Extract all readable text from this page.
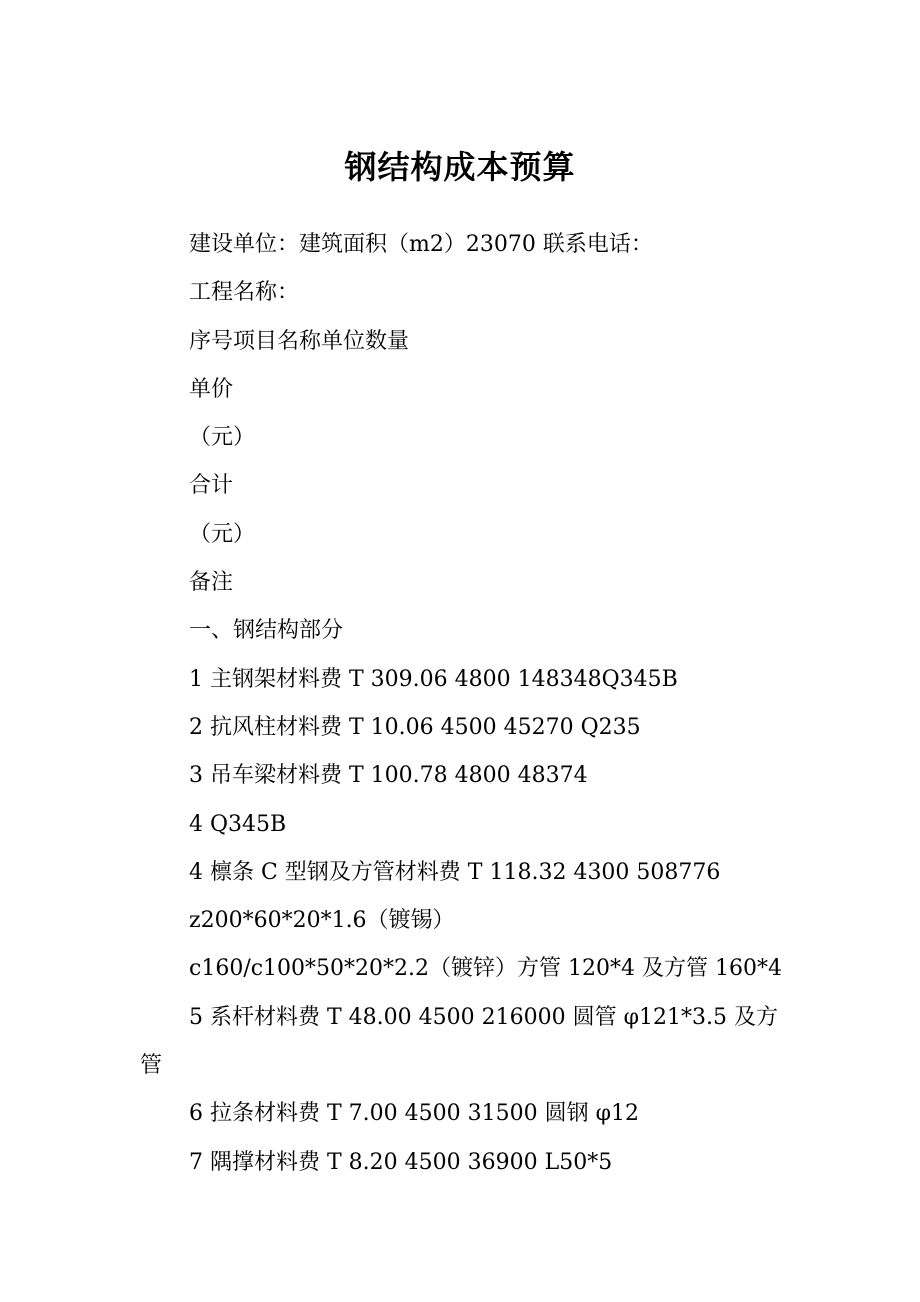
钢结构成本预算
建设单位：建筑面积（m2）23070 联系电话：
工程名称：
序号项目名称单位数量
单价
（元）
合计
（元）
备注
一、钢结构部分
1 主钢架材料费 T 309.06 4800 148348Q345B
2 抗风柱材料费 T 10.06 4500 45270 Q235
3 吊车梁材料费 T 100.78 4800 48374
4 Q345B
4 檩条 C 型钢及方管材料费 T 118.32 4300 508776
z200*60*20*1.6（镀锡）
c160/c100*50*20*2.2（镀锌）方管 120*4 及方管 160*4
5 系杆材料费 T 48.00 4500 216000 圆管 φ121*3.5 及方管
6 拉条材料费 T 7.00 4500 31500 圆钢 φ12
7 隅撑材料费 T 8.20 4500 36900 L50*5
